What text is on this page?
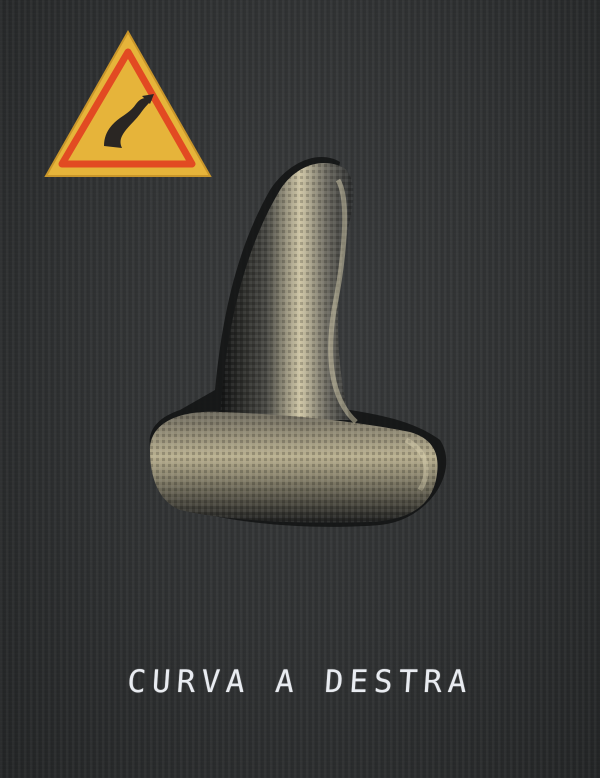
CURVA A DESTRA
